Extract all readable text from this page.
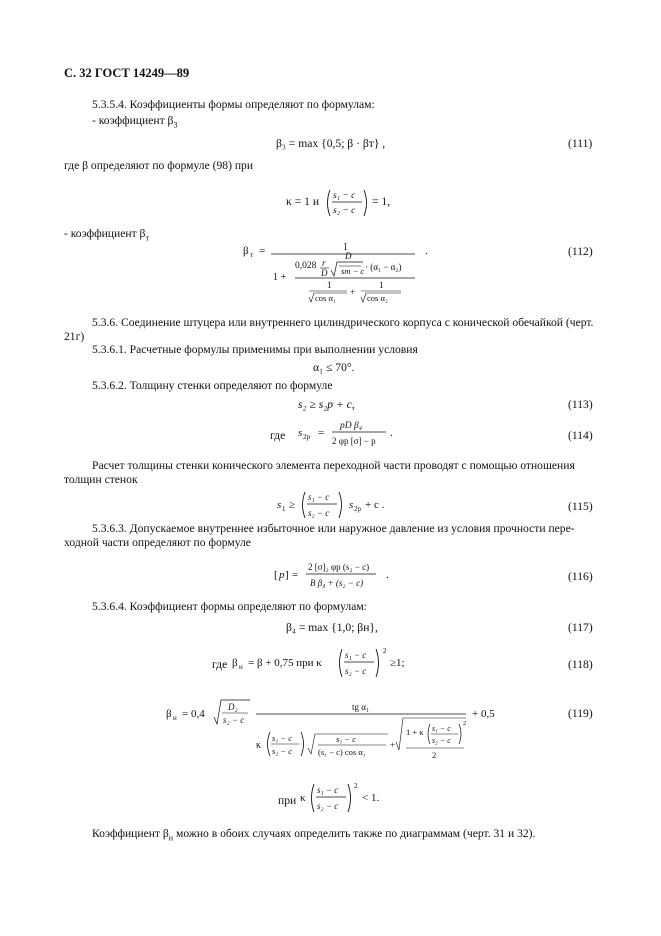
С. 32 ГОСТ 14249—89
5.3.5.4. Коэффициенты формы определяют по формулам:
- коэффициент $\beta_3$
β₃ = max {0,5; β · βт} ,	(111)
где β определяют по формуле (98) при
κ = 1 и s₁ − c
s₂ − c
= 1,
- коэффициент $\beta_т$
β т =	1
1 +
0,028 r
D
D
sт − c · (α₁ − α₂)
1
cos α₁
+
1
cos α₂
.	(112)
5.3.6. Соединение штуцера или внутреннего цилиндрического корпуса с конической обечайкой (черт. 21г)
5.3.6.1. Расчетные формулы применимы при выполнении условия
α₁ ≤ 70°.
5.3.6.2. Толщину стенки определяют по формуле
s₂ ≥ s₂р + c,	(113)
где s 2р =
pD β₄
2 φр [σ] − p
.	(114)
Расчет толщины стенки конического элемента переходной части проводят с помощью отношения толщин стенок
s 1 ≥
s₁ − c
s₂ − c
s 2р + c .	(115)
5.3.6.3. Допускаемое внутреннее избыточное или наружное давление из условия прочности пере-ходной части определяют по формуле
[ p ] =
2 [σ]₂ φр (s₂ − c)
B β₄ + (s₂ − c)
.	(116)
5.3.6.4. Коэффициент формы определяют по формулам:
β₄ = max {1,0; βн},	(117)
где β н = β + 0,75 при κ
s₁ − c
s₂ − c
2
≥1;	(118)
β н = 0,4
D₂
s₂ − c
tg α₁
κ
s₁ − c
s₂ − c
s₁ − c
(s₁ − c) cos α₁
+
1 + κ s₁ − c
s₂ − c
2
2
+ 0,5	(119)
при κ
s₁ − c
s₂ − c
2
< 1.
Коэффициент $\beta_н$ можно в обоих случаях определить также по диаграммам (черт. 31 и 32).
